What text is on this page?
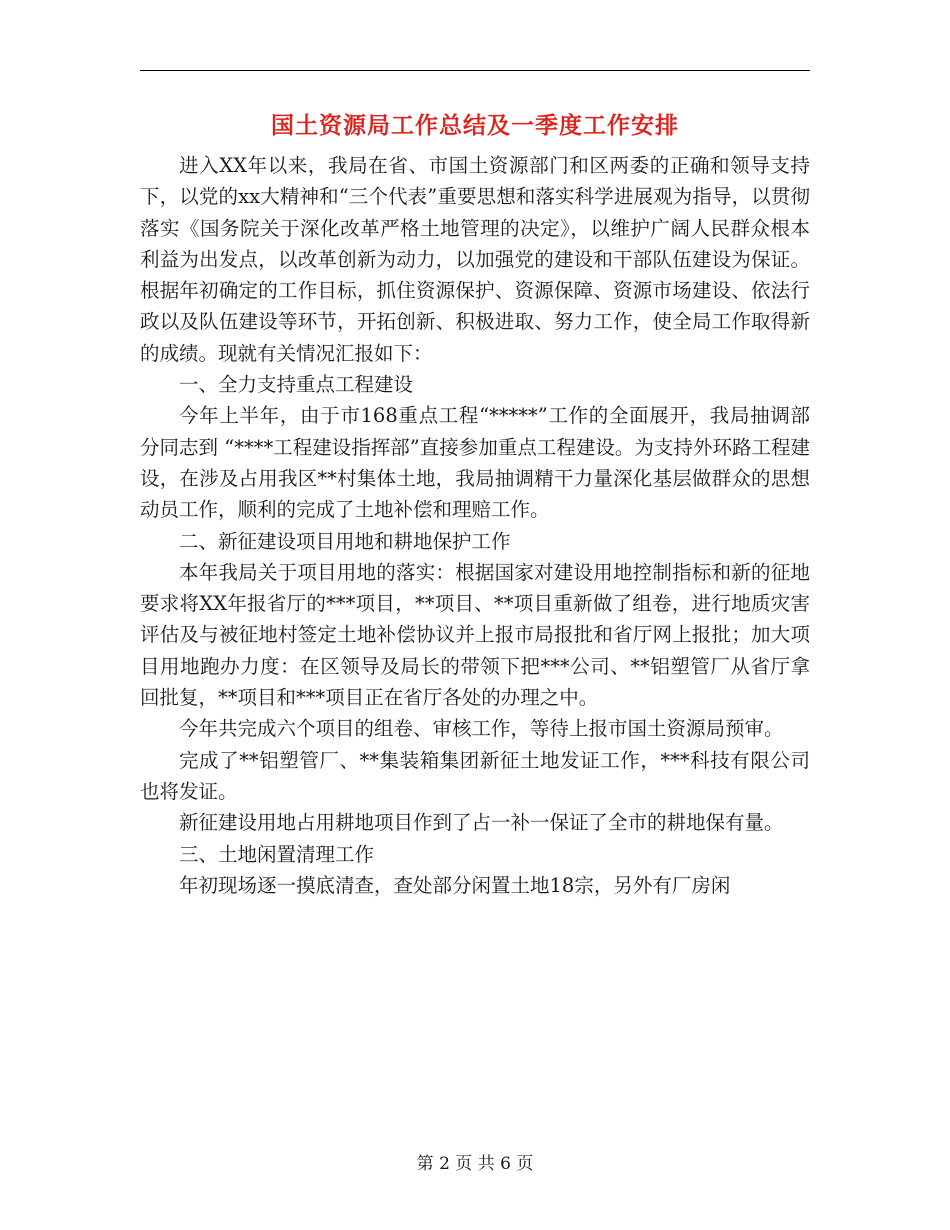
国土资源局工作总结及一季度工作安排

进入XX年以来，我局在省、市国土资源部门和区两委的正确和领导支持下，以党的xx大精神和“三个代表”重要思想和落实科学进展观为指导，以贯彻落实《国务院关于深化改革严格土地管理的决定》，以维护广阔人民群众根本利益为出发点，以改革创新为动力，以加强党的建设和干部队伍建设为保证。根据年初确定的工作目标，抓住资源保护、资源保障、资源市场建设、依法行政以及队伍建设等环节，开拓创新、积极进取、努力工作，使全局工作取得新的成绩。现就有关情况汇报如下：

一、全力支持重点工程建设

今年上半年，由于市168重点工程“*****”工作的全面展开，我局抽调部分同志到 “****工程建设指挥部”直接参加重点工程建设。为支持外环路工程建设，在涉及占用我区**村集体土地，我局抽调精干力量深化基层做群众的思想动员工作，顺利的完成了土地补偿和理赔工作。

二、新征建设项目用地和耕地保护工作

本年我局关于项目用地的落实：根据国家对建设用地控制指标和新的征地要求将XX年报省厅的***项目，**项目、**项目重新做了组卷，进行地质灾害评估及与被征地村签定土地补偿协议并上报市局报批和省厅网上报批；加大项目用地跑办力度：在区领导及局长的带领下把***公司、**铝塑管厂从省厅拿回批复，**项目和***项目正在省厅各处的办理之中。

今年共完成六个项目的组卷、审核工作，等待上报市国土资源局预审。

完成了**铝塑管厂、**集装箱集团新征土地发证工作，***科技有限公司也将发证。

新征建设用地占用耕地项目作到了占一补一保证了全市的耕地保有量。

三、土地闲置清理工作

年初现场逐一摸底清查，查处部分闲置土地18宗，另外有厂房闲

第 2 页 共 6 页
